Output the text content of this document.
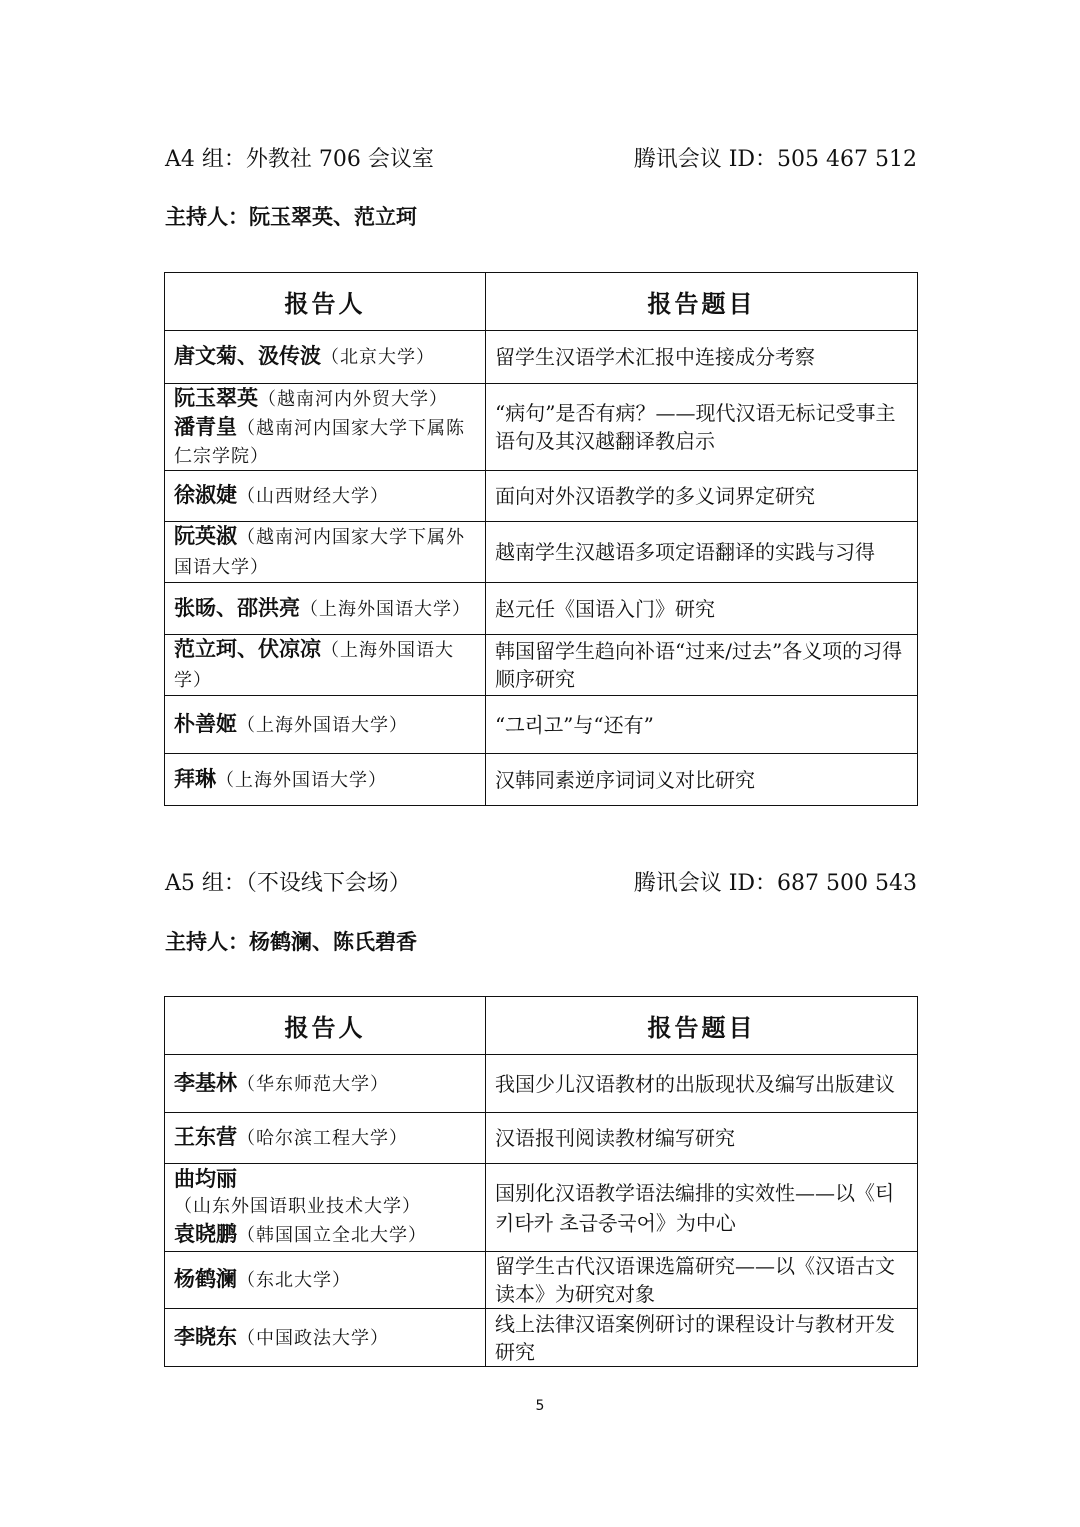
A4 组：外教社 706 会议室	腾讯会议 ID：505 467 512
主持人：阮玉翠英、范立珂
报告人	报告题目
唐文菊、汲传波（北京大学）	留学生汉语学术汇报中连接成分考察

阮玉翠英（越南河内外贸大学）
潘青皇（越南河内国家大学下属陈仁宗学院）	“病句”是否有病？——现代汉语无标记受事主语句及其汉越翻译教启示
徐淑婕（山西财经大学）	面向对外汉语教学的多义词界定研究
阮英淑（越南河内国家大学下属外国语大学）	越南学生汉越语多项定语翻译的实践与习得
张旸、邵洪亮（上海外国语大学）	赵元任《国语入门》研究
范立珂、伏凉凉（上海外国语大学）	韩国留学生趋向补语“过来/过去”各义项的习得顺序研究
朴善姬（上海外国语大学）	“그리고”与“还有”
拜琳（上海外国语大学）	汉韩同素逆序词词义对比研究
A5 组：（不设线下会场）	腾讯会议 ID：687 500 543
主持人：杨鹤澜、陈氏碧香
报告人	报告题目
李基林（华东师范大学）	我国少儿汉语教材的出版现状及编写出版建议
王东营（哈尔滨工程大学）	汉语报刊阅读教材编写研究

曲均丽（山东外国语职业技术大学）
袁晓鹏（韩国国立全北大学）	国别化汉语教学语法编排的实效性——以《티키타카 초급중국어》为中心
杨鹤澜（东北大学）	留学生古代汉语课选篇研究——以《汉语古文读本》为研究对象
李晓东（中国政法大学）	线上法律汉语案例研讨的课程设计与教材开发研究
5
